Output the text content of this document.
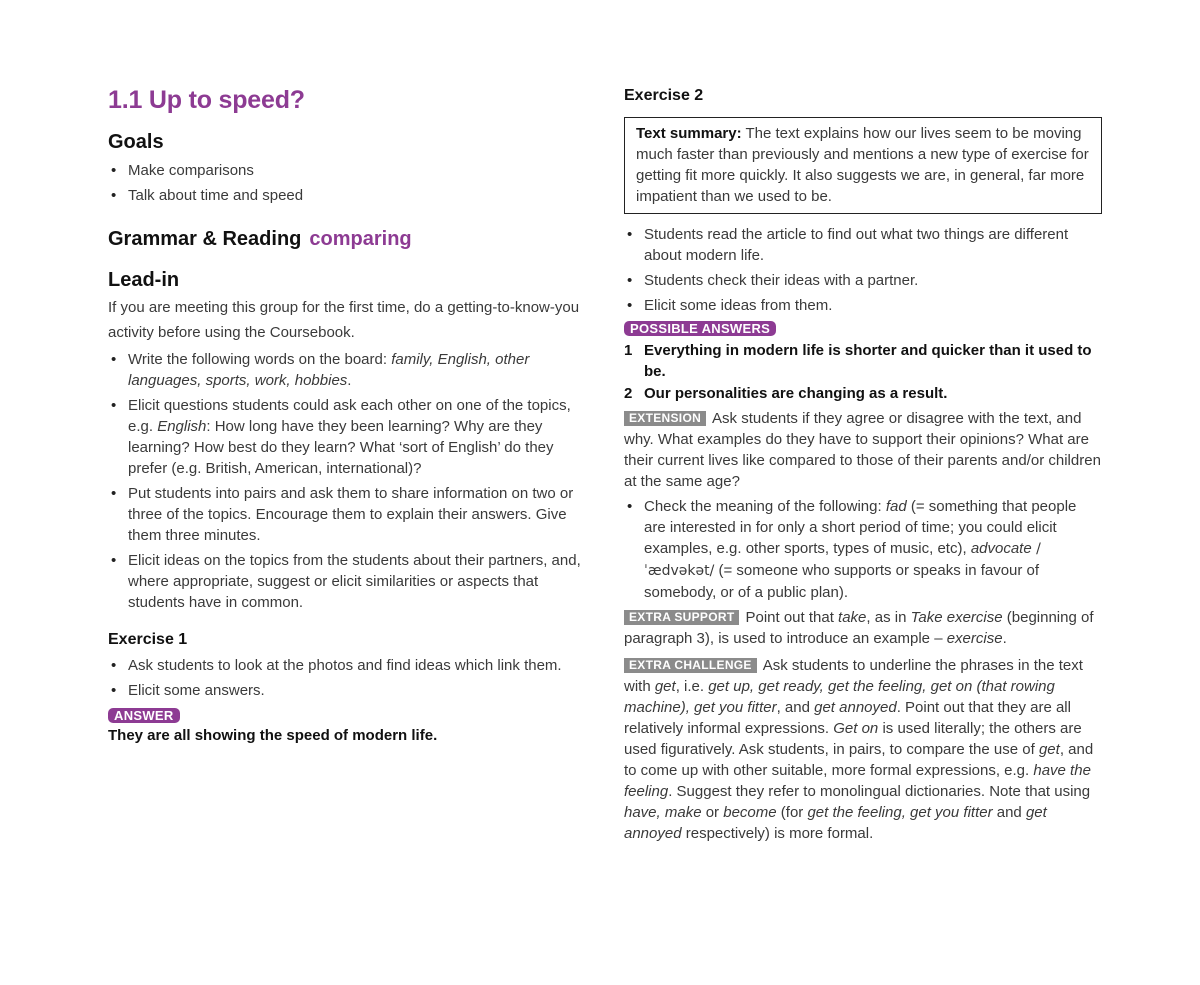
1.1 Up to speed?
Goals
• Make comparisons
• Talk about time and speed
Grammar & Reading comparing
Lead-in

If you are meeting this group for the first time, do a getting-to-know-you activity before using the Coursebook.

• Write the following words on the board: family, English, other languages, sports, work, hobbies.
• Elicit questions students could ask each other on one of the topics, e.g. English: How long have they been learning? Why are they learning? How best do they learn? What ‘sort of English’ do they prefer (e.g. British, American, international)?
• Put students into pairs and ask them to share information on two or three of the topics. Encourage them to explain their answers. Give them three minutes.
• Elicit ideas on the topics from the students about their partners, and, where appropriate, suggest or elicit similarities or aspects that students have in common.
Exercise 1
• Ask students to look at the photos and find ideas which link them.
• Elicit some answers.
ANSWER

They are all showing the speed of modern life.

Exercise 2

Text summary: The text explains how our lives seem to be moving much faster than previously and mentions a new type of exercise for getting fit more quickly. It also suggests we are, in general, far more impatient than we used to be.

• Students read the article to find out what two things are different about modern life.
• Students check their ideas with a partner.
• Elicit some ideas from them.
POSSIBLE ANSWERS
1 Everything in modern life is shorter and quicker than it used to be.
2 Our personalities are changing as a result.

EXTENSION Ask students if they agree or disagree with the text, and why. What examples do they have to support their opinions? What are their current lives like compared to those of their parents and/or children at the same age?

• Check the meaning of the following: fad (= something that people are interested in for only a short period of time; you could elicit examples, e.g. other sports, types of music, etc), advocate /ˈædvəkət/ (= someone who supports or speaks in favour of somebody, or of a public plan).

EXTRA SUPPORT Point out that take, as in Take exercise (beginning of paragraph 3), is used to introduce an example – exercise.

EXTRA CHALLENGE Ask students to underline the phrases in the text with get, i.e. get up, get ready, get the feeling, get on (that rowing machine), get you fitter, and get annoyed. Point out that they are all relatively informal expressions. Get on is used literally; the others are used figuratively. Ask students, in pairs, to compare the use of get, and to come up with other suitable, more formal expressions, e.g. have the feeling. Suggest they refer to monolingual dictionaries. Note that using have, make or become (for get the feeling, get you fitter and get annoyed respectively) is more formal.
